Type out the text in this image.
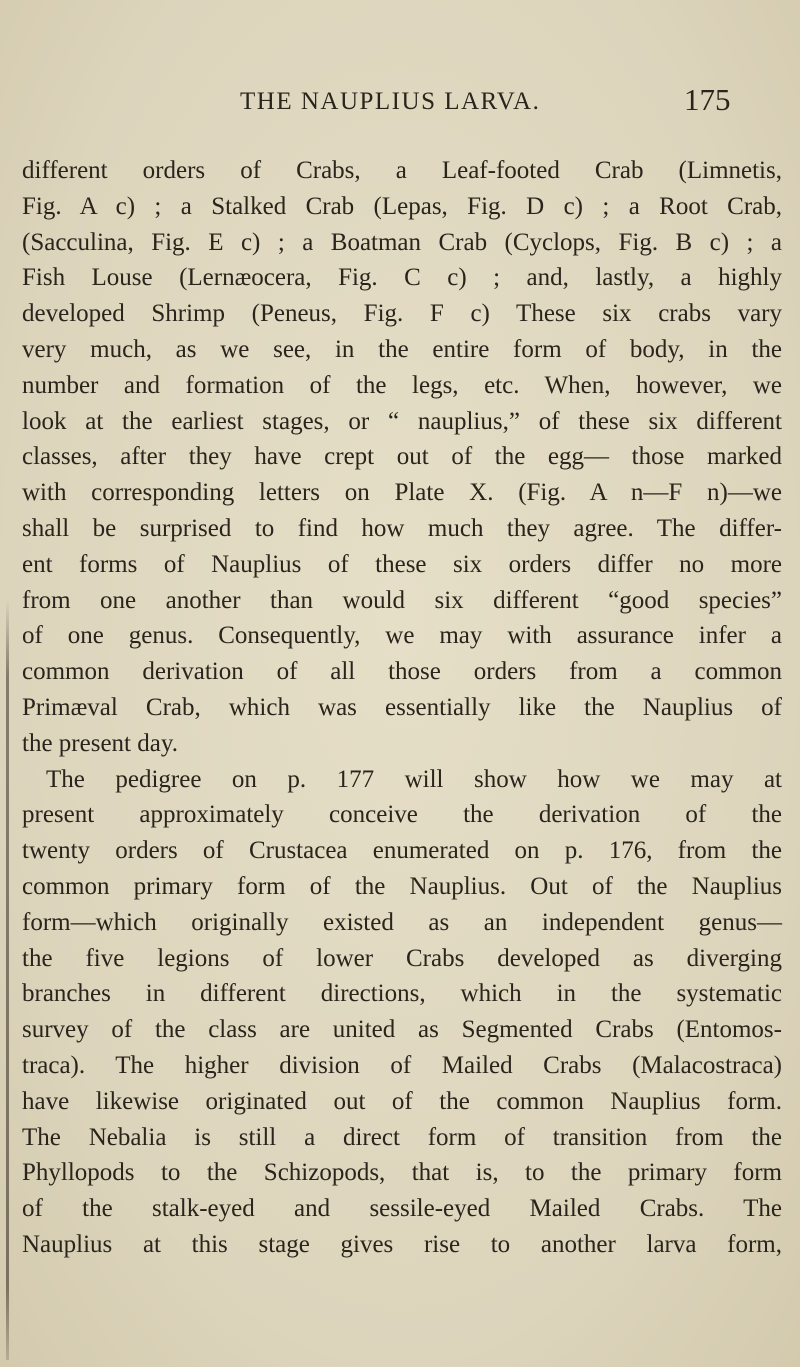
THE NAUPLIUS LARVA.	175
different orders of Crabs, a Leaf-footed Crab (Limnetis,
Fig. A c) ; a Stalked Crab (Lepas, Fig. D c) ; a Root Crab,
(Sacculina, Fig. E c) ; a Boatman Crab (Cyclops, Fig. B c) ; a
Fish Louse (Lernæocera, Fig. C c) ; and, lastly, a highly
developed Shrimp (Peneus, Fig. F c) These six crabs vary
very much, as we see, in the entire form of body, in the
number and formation of the legs, etc. When, however, we
look at the earliest stages, or “ nauplius,” of these six different
classes, after they have crept out of the egg— those marked
with corresponding letters on Plate X. (Fig. A n—F n)—we
shall be surprised to find how much they agree. The differ-
ent forms of Nauplius of these six orders differ no more
from one another than would six different “good species”
of one genus. Consequently, we may with assurance infer a
common derivation of all those orders from a common
Primæval Crab, which was essentially like the Nauplius of
the present day.
The pedigree on p. 177 will show how we may at
present approximately conceive the derivation of the
twenty orders of Crustacea enumerated on p. 176, from the
common primary form of the Nauplius. Out of the Nauplius
form—which originally existed as an independent genus—
the five legions of lower Crabs developed as diverging
branches in different directions, which in the systematic
survey of the class are united as Segmented Crabs (Entomos-
traca). The higher division of Mailed Crabs (Malacostraca)
have likewise originated out of the common Nauplius form.
The Nebalia is still a direct form of transition from the
Phyllopods to the Schizopods, that is, to the primary form
of the stalk-eyed and sessile-eyed Mailed Crabs. The
Nauplius at this stage gives rise to another larva form,
